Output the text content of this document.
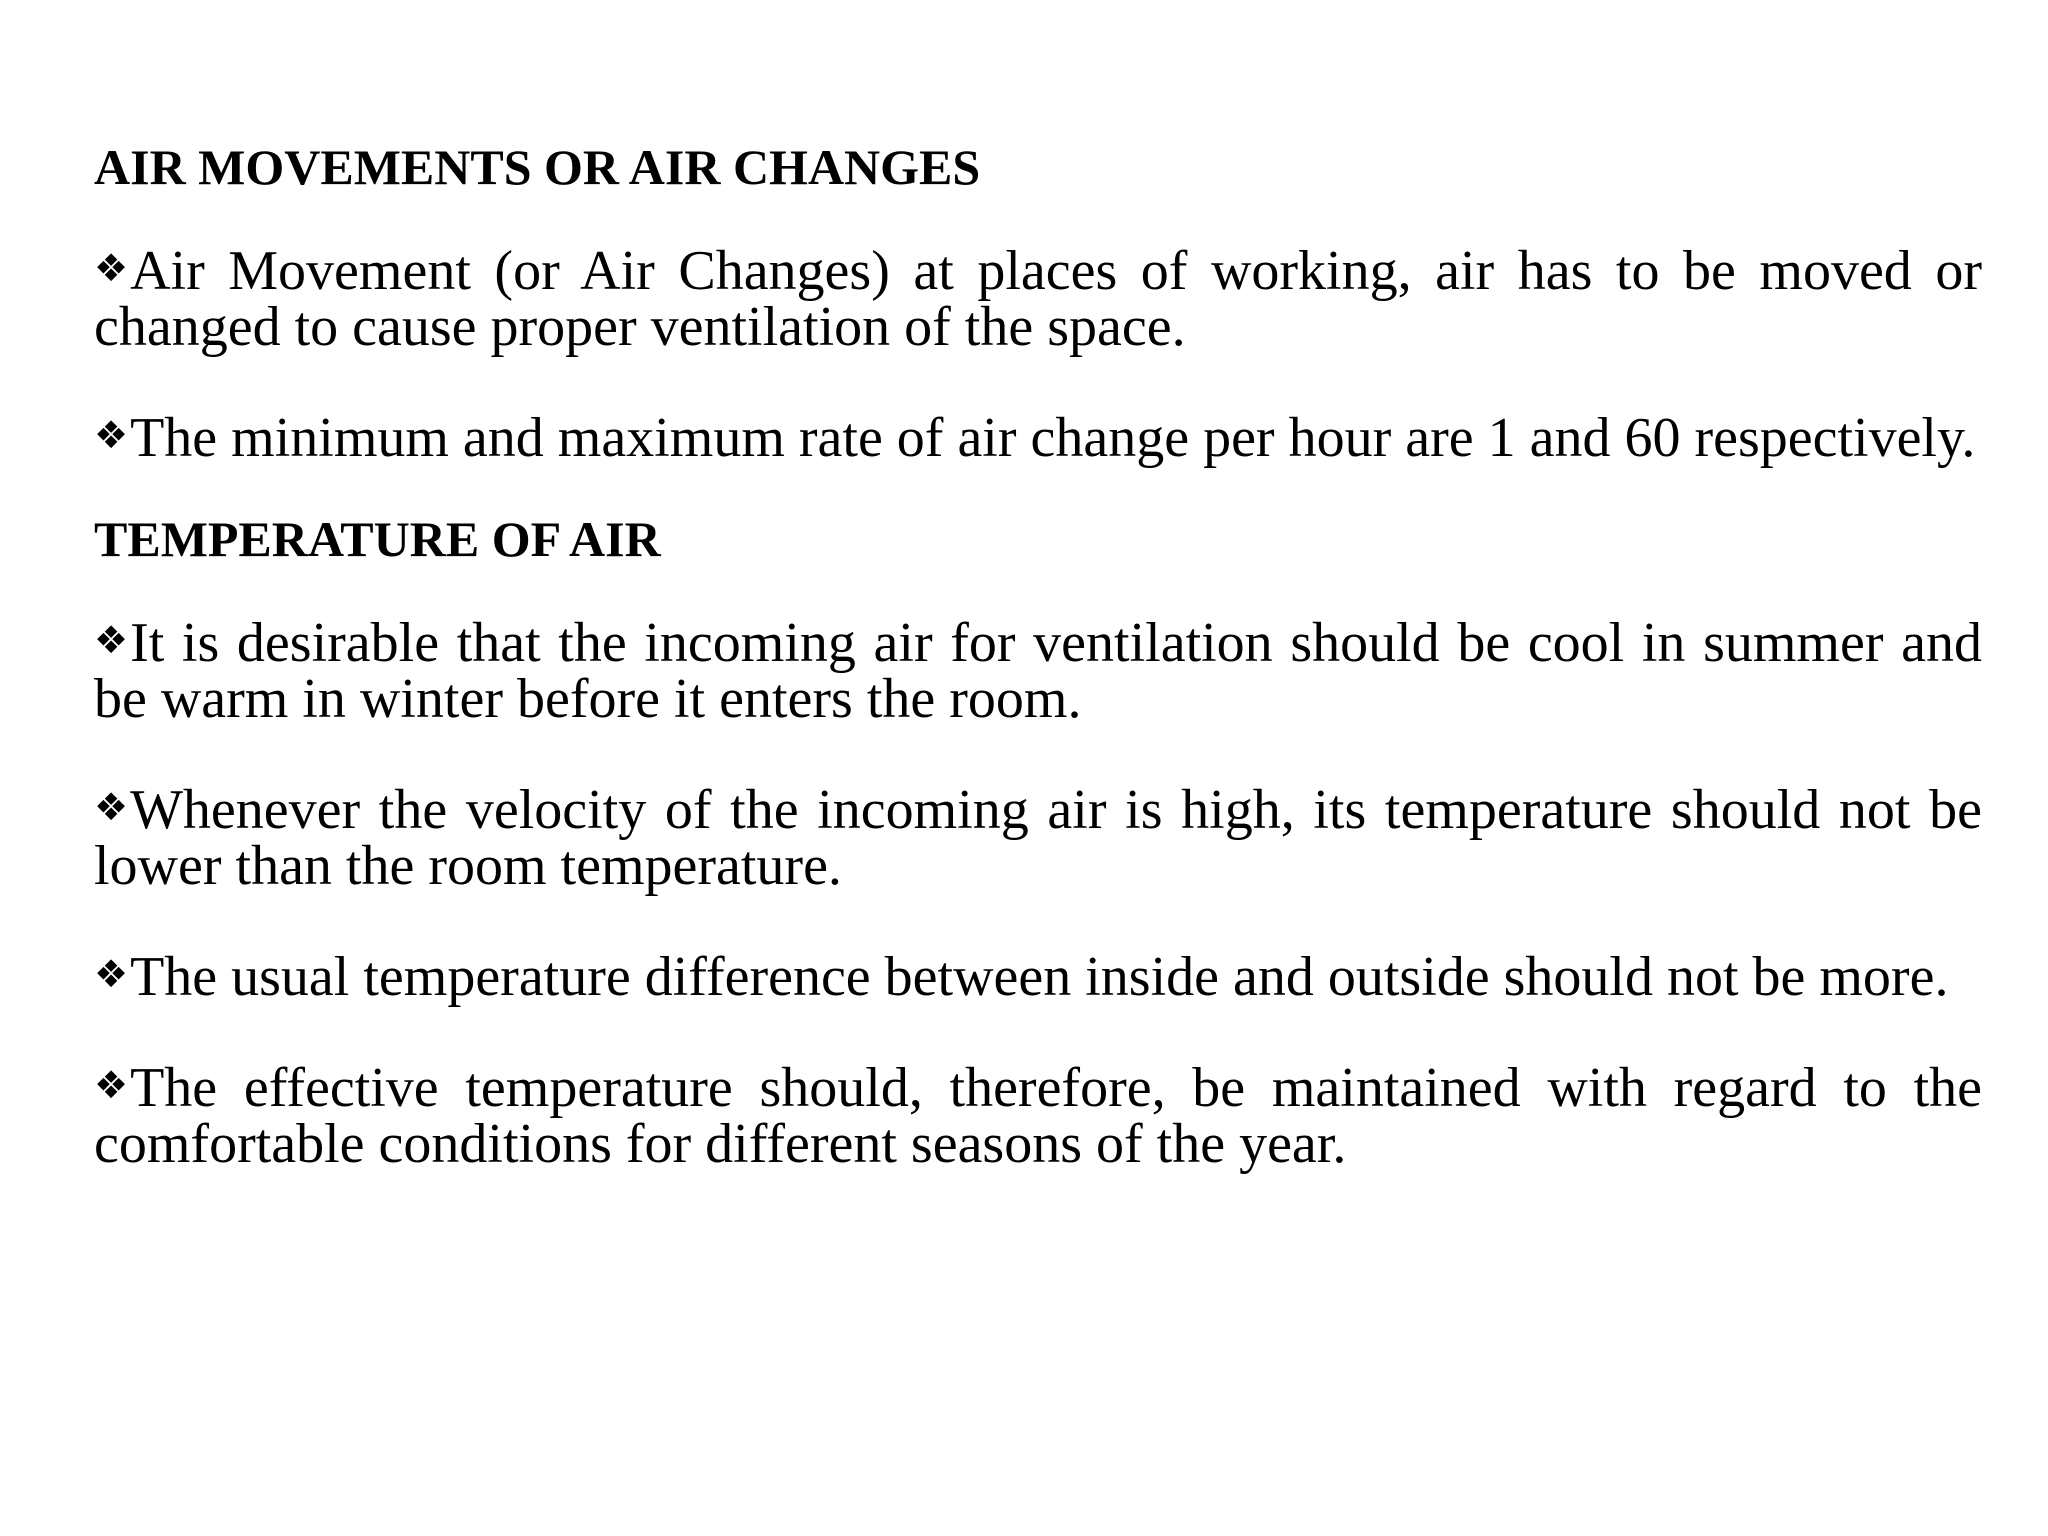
AIR MOVEMENTS OR AIR CHANGES

❖Air Movement (or Air Changes) at places of working, air has to be moved or changed to cause proper ventilation of the space.

❖The minimum and maximum rate of air change per hour are 1 and 60 respectively.

TEMPERATURE OF AIR

❖It is desirable that the incoming air for ventilation should be cool in summer and be warm in winter before it enters the room.

❖Whenever the velocity of the incoming air is high, its temperature should not be lower than the room temperature.

❖The usual temperature difference between inside and outside should not be more.

❖The effective temperature should, therefore, be maintained with regard to the comfortable conditions for different seasons of the year.
